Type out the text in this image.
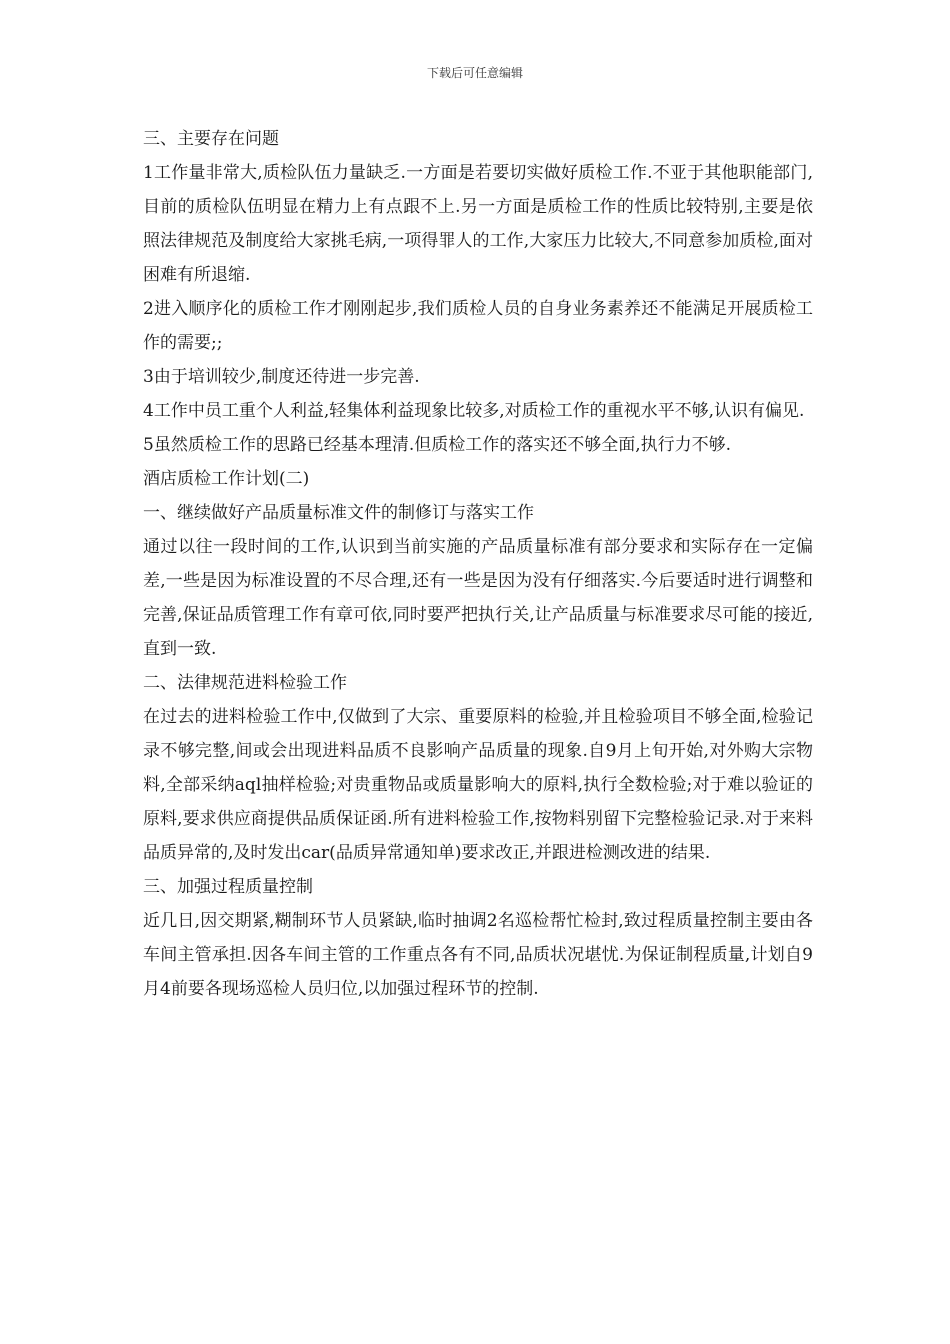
下载后可任意编辑

三、主要存在问题

1工作量非常大,质检队伍力量缺乏.一方面是若要切实做好质检工作.不亚于其他职能部门,目前的质检队伍明显在精力上有点跟不上.另一方面是质检工作的性质比较特别,主要是依照法律规范及制度给大家挑毛病,一项得罪人的工作,大家压力比较大,不同意参加质检,面对困难有所退缩.

2进入顺序化的质检工作才刚刚起步,我们质检人员的自身业务素养还不能满足开展质检工作的需要;;

3由于培训较少,制度还待进一步完善.

4工作中员工重个人利益,轻集体利益现象比较多,对质检工作的重视水平不够,认识有偏见.

5虽然质检工作的思路已经基本理清.但质检工作的落实还不够全面,执行力不够.

酒店质检工作计划(二)

一、继续做好产品质量标准文件的制修订与落实工作

通过以往一段时间的工作,认识到当前实施的产品质量标准有部分要求和实际存在一定偏差,一些是因为标准设置的不尽合理,还有一些是因为没有仔细落实.今后要适时进行调整和完善,保证品质管理工作有章可依,同时要严把执行关,让产品质量与标准要求尽可能的接近,直到一致.

二、法律规范进料检验工作

在过去的进料检验工作中,仅做到了大宗、重要原料的检验,并且检验项目不够全面,检验记录不够完整,间或会出现进料品质不良影响产品质量的现象.自9月上旬开始,对外购大宗物料,全部采纳aql抽样检验;对贵重物品或质量影响大的原料,执行全数检验;对于难以验证的原料,要求供应商提供品质保证函.所有进料检验工作,按物料别留下完整检验记录.对于来料品质异常的,及时发出car(品质异常通知单)要求改正,并跟进检测改进的结果.

三、加强过程质量控制

近几日,因交期紧,糊制环节人员紧缺,临时抽调2名巡检帮忙检封,致过程质量控制主要由各车间主管承担.因各车间主管的工作重点各有不同,品质状况堪忧.为保证制程质量,计划自9月4前要各现场巡检人员归位,以加强过程环节的控制.
